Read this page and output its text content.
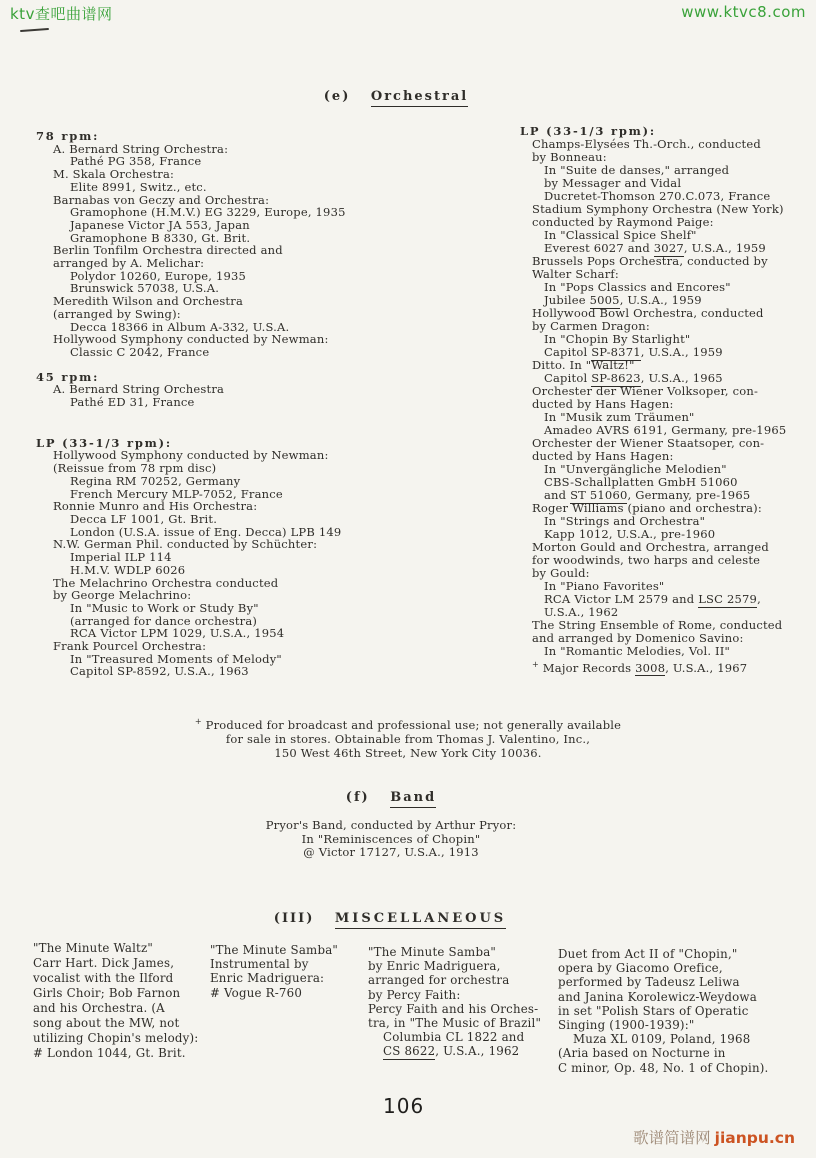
ktv查吧曲谱网	www.ktvc8.com
(e) Orchestral
78 rpm:
A. Bernard String Orchestra:
Pathé PG 358, France
M. Skala Orchestra:
Elite 8991, Switz., etc.
Barnabas von Geczy and Orchestra:
Gramophone (H.M.V.) EG 3229, Europe, 1935
Japanese Victor JA 553, Japan
Gramophone B 8330, Gt. Brit.
Berlin Tonfilm Orchestra directed and
arranged by A. Melichar:
Polydor 10260, Europe, 1935
Brunswick 57038, U.S.A.
Meredith Wilson and Orchestra
(arranged by Swing):
Decca 18366 in Album A-332, U.S.A.
Hollywood Symphony conducted by Newman:
Classic C 2042, France
45 rpm:
A. Bernard String Orchestra
Pathé ED 31, France
LP (33-1/3 rpm):
Hollywood Symphony conducted by Newman:
(Reissue from 78 rpm disc)
Regina RM 70252, Germany
French Mercury MLP-7052, France
Ronnie Munro and His Orchestra:
Decca LF 1001, Gt. Brit.
London (U.S.A. issue of Eng. Decca) LPB 149
N.W. German Phil. conducted by Schüchter:
Imperial ILP 114
H.M.V. WDLP 6026
The Melachrino Orchestra conducted
by George Melachrino:
In "Music to Work or Study By"
(arranged for dance orchestra)
RCA Victor LPM 1029, U.S.A., 1954
Frank Pourcel Orchestra:
In "Treasured Moments of Melody"
Capitol SP-8592, U.S.A., 1963
LP (33-1/3 rpm):
Champs-Elysées Th.-Orch., conducted
by Bonneau:
In "Suite de danses," arranged
by Messager and Vidal
Ducretet-Thomson 270.C.073, France
Stadium Symphony Orchestra (New York)
conducted by Raymond Paige:
In "Classical Spice Shelf"
Everest 6027 and 3027, U.S.A., 1959
Brussels Pops Orchestra, conducted by
Walter Scharf:
In "Pops Classics and Encores"
Jubilee 5005, U.S.A., 1959
Hollywood Bowl Orchestra, conducted
by Carmen Dragon:
In "Chopin By Starlight"
Capitol SP-8371, U.S.A., 1959
Ditto. In "Waltz!"
Capitol SP-8623, U.S.A., 1965
Orchester der Wiener Volksoper, con-
ducted by Hans Hagen:
In "Musik zum Träumen"
Amadeo AVRS 6191, Germany, pre-1965
Orchester der Wiener Staatsoper, con-
ducted by Hans Hagen:
In "Unvergängliche Melodien"
CBS-Schallplatten GmbH 51060
and ST 51060, Germany, pre-1965
Roger Williams (piano and orchestra):
In "Strings and Orchestra"
Kapp 1012, U.S.A., pre-1960
Morton Gould and Orchestra, arranged
for woodwinds, two harps and celeste
by Gould:
In "Piano Favorites"
RCA Victor LM 2579 and LSC 2579,
U.S.A., 1962
The String Ensemble of Rome, conducted
and arranged by Domenico Savino:
In "Romantic Melodies, Vol. II"
+ Major Records 3008, U.S.A., 1967
+ Produced for broadcast and professional use; not generally available
for sale in stores. Obtainable from Thomas J. Valentino, Inc.,
150 West 46th Street, New York City 10036.
(f) Band
Pryor's Band, conducted by Arthur Pryor:
In "Reminiscences of Chopin"
@ Victor 17127, U.S.A., 1913
(III) MISCELLANEOUS
"The Minute Waltz"
Carr Hart. Dick James,
vocalist with the Ilford
Girls Choir; Bob Farnon
and his Orchestra. (A
song about the MW, not
utilizing Chopin's melody):
# London 1044, Gt. Brit.
"The Minute Samba"
Instrumental by
Enric Madriguera:
# Vogue R-760
"The Minute Samba"
by Enric Madriguera,
arranged for orchestra
by Percy Faith:
Percy Faith and his Orches-
tra, in "The Music of Brazil"
Columbia CL 1822 and
CS 8622, U.S.A., 1962
Duet from Act II of "Chopin,"
opera by Giacomo Orefice,
performed by Tadeusz Leliwa
and Janina Korolewicz-Weydowa
in set "Polish Stars of Operatic
Singing (1900-1939):"
Muza XL 0109, Poland, 1968
(Aria based on Nocturne in
C minor, Op. 48, No. 1 of Chopin).
106
歌谱简谱网 jianpu.cn
